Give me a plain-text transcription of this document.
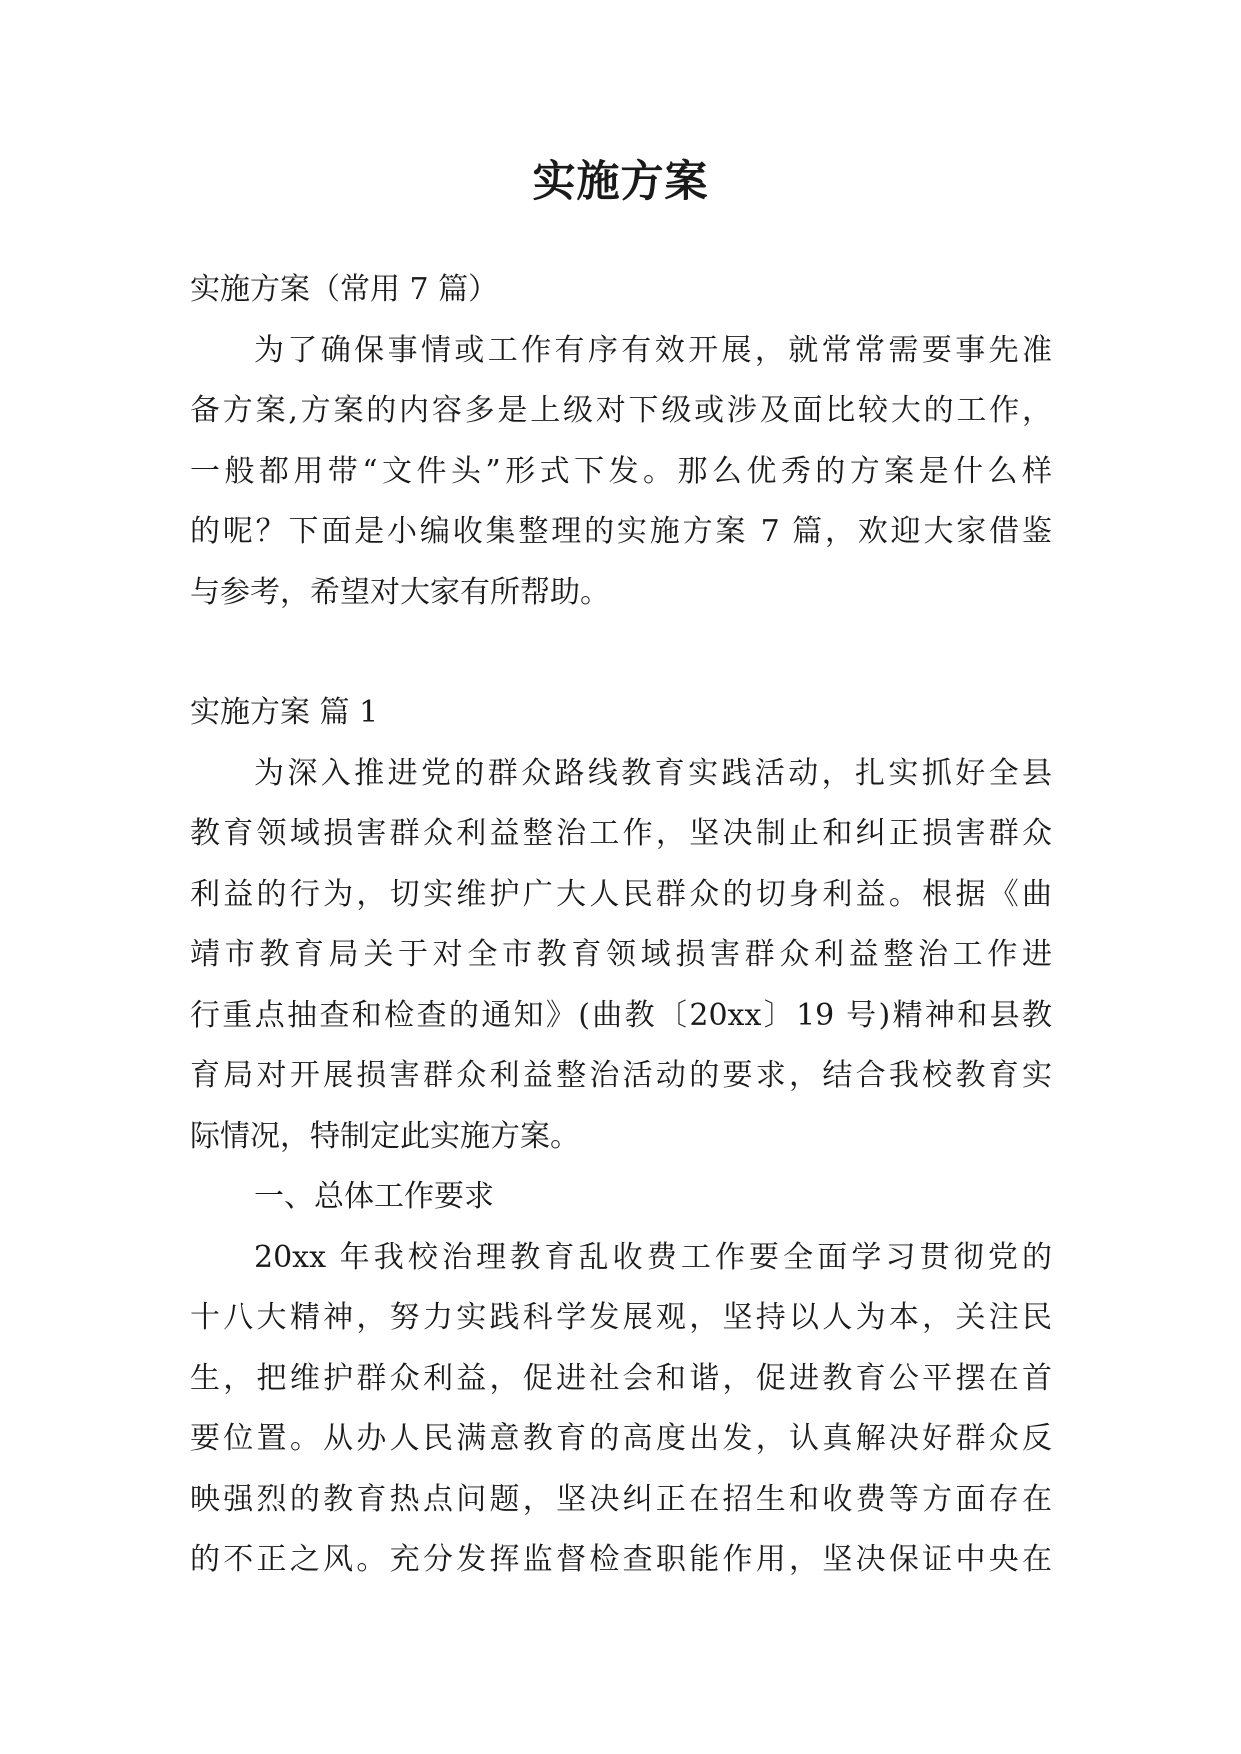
实施方案
实施方案（常用 7 篇）
为了确保事情或工作有序有效开展，就常常需要事先准
备方案,方案的内容多是上级对下级或涉及面比较大的工作，
一般都用带“文件头”形式下发。那么优秀的方案是什么样
的呢？下面是小编收集整理的实施方案 7 篇，欢迎大家借鉴
与参考，希望对大家有所帮助。
实施方案 篇 1
为深入推进党的群众路线教育实践活动，扎实抓好全县
教育领域损害群众利益整治工作，坚决制止和纠正损害群众
利益的行为，切实维护广大人民群众的切身利益。根据《曲
靖市教育局关于对全市教育领域损害群众利益整治工作进
行重点抽查和检查的通知》(曲教〔20xx〕19 号)精神和县教
育局对开展损害群众利益整治活动的要求，结合我校教育实
际情况，特制定此实施方案。
一、总体工作要求
20xx 年我校治理教育乱收费工作要全面学习贯彻党的
十八大精神，努力实践科学发展观，坚持以人为本，关注民
生，把维护群众利益，促进社会和谐，促进教育公平摆在首
要位置。从办人民满意教育的高度出发，认真解决好群众反
映强烈的教育热点问题，坚决纠正在招生和收费等方面存在
的不正之风。充分发挥监督检查职能作用，坚决保证中央在
